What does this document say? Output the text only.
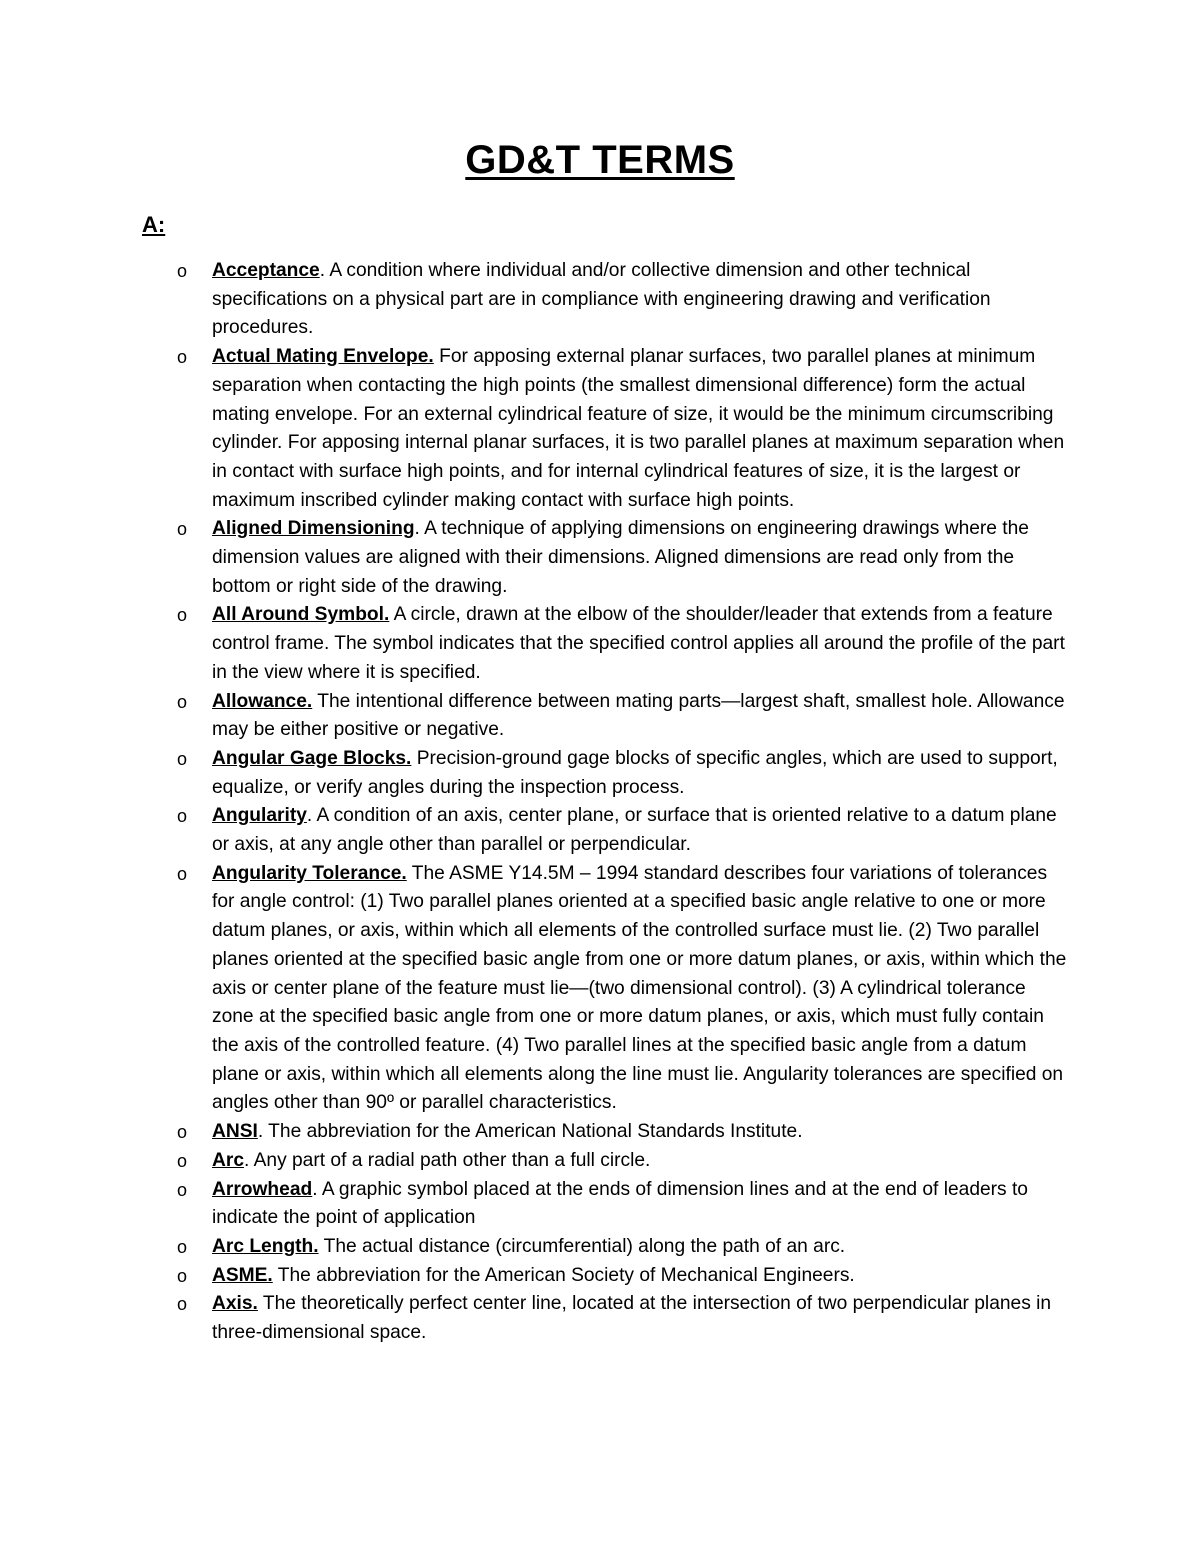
GD&T TERMS
A:
o Acceptance. A condition where individual and/or collective dimension and other technical specifications on a physical part are in compliance with engineering drawing and verification procedures.
o Actual Mating Envelope. For apposing external planar surfaces, two parallel planes at minimum separation when contacting the high points (the smallest dimensional difference) form the actual mating envelope. For an external cylindrical feature of size, it would be the minimum circumscribing cylinder. For apposing internal planar surfaces, it is two parallel planes at maximum separation when in contact with surface high points, and for internal cylindrical features of size, it is the largest or maximum inscribed cylinder making contact with surface high points.
o Aligned Dimensioning. A technique of applying dimensions on engineering drawings where the dimension values are aligned with their dimensions. Aligned dimensions are read only from the bottom or right side of the drawing.
o All Around Symbol. A circle, drawn at the elbow of the shoulder/leader that extends from a feature control frame. The symbol indicates that the specified control applies all around the profile of the part in the view where it is specified.
o Allowance. The intentional difference between mating parts—largest shaft, smallest hole. Allowance may be either positive or negative.
o Angular Gage Blocks. Precision-ground gage blocks of specific angles, which are used to support, equalize, or verify angles during the inspection process.
o Angularity. A condition of an axis, center plane, or surface that is oriented relative to a datum plane or axis, at any angle other than parallel or perpendicular.
o Angularity Tolerance. The ASME Y14.5M – 1994 standard describes four variations of tolerances for angle control: (1) Two parallel planes oriented at a specified basic angle relative to one or more datum planes, or axis, within which all elements of the controlled surface must lie. (2) Two parallel planes oriented at the specified basic angle from one or more datum planes, or axis, within which the axis or center plane of the feature must lie—(two dimensional control). (3) A cylindrical tolerance zone at the specified basic angle from one or more datum planes, or axis, which must fully contain the axis of the controlled feature. (4) Two parallel lines at the specified basic angle from a datum plane or axis, within which all elements along the line must lie. Angularity tolerances are specified on angles other than 90º or parallel characteristics.
o ANSI. The abbreviation for the American National Standards Institute.
o Arc. Any part of a radial path other than a full circle.
o Arrowhead. A graphic symbol placed at the ends of dimension lines and at the end of leaders to indicate the point of application
o Arc Length. The actual distance (circumferential) along the path of an arc.
o ASME. The abbreviation for the American Society of Mechanical Engineers.
o Axis. The theoretically perfect center line, located at the intersection of two perpendicular planes in three-dimensional space.
